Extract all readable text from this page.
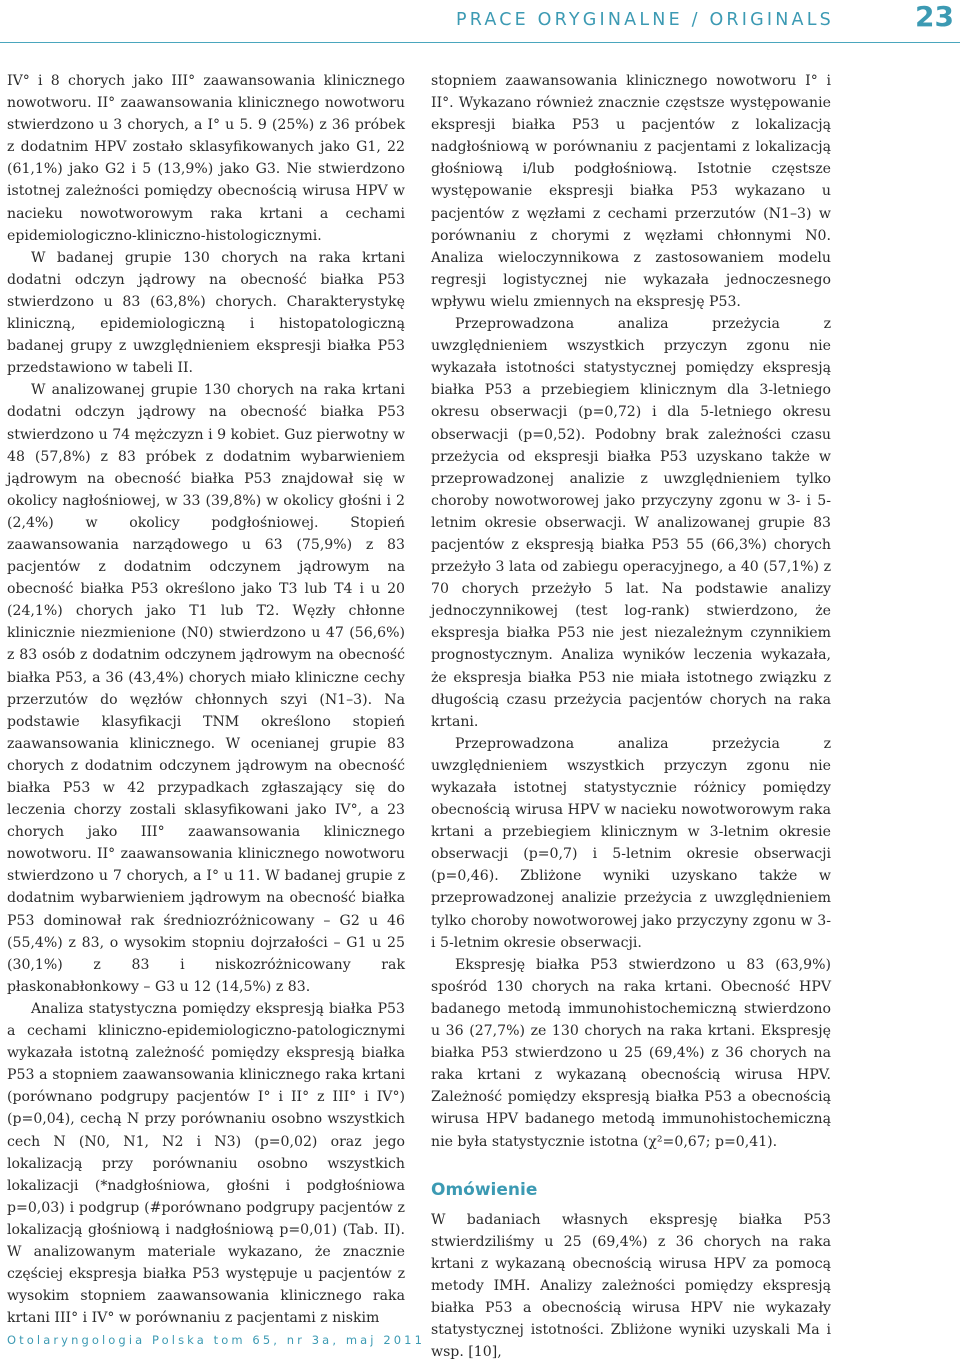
PRACE ORYGINALNE / ORIGINALS	23

IV° i 8 chorych jako III° zaawansowania klinicznego nowotworu. II° zaawansowania klinicznego nowotworu stwierdzono u 3 chorych, a I° u 5. 9 (25%) z 36 próbek z dodatnim HPV zostało sklasyfikowanych jako G1, 22 (61,1%) jako G2 i 5 (13,9%) jako G3. Nie stwierdzono istotnej zależności pomiędzy obecnością wirusa HPV w nacieku nowotworowym raka krtani a cechami epidemiologiczno-kliniczno-histologicznymi.

W badanej grupie 130 chorych na raka krtani dodatni odczyn jądrowy na obecność białka P53 stwierdzono u 83 (63,8%) chorych. Charakterystykę kliniczną, epidemiologiczną i histopatologiczną badanej grupy z uwzględnieniem ekspresji białka P53 przedstawiono w tabeli II.

W analizowanej grupie 130 chorych na raka krtani dodatni odczyn jądrowy na obecność białka P53 stwierdzono u 74 mężczyzn i 9 kobiet. Guz pierwotny w 48 (57,8%) z 83 próbek z dodatnim wybarwieniem jądrowym na obecność białka P53 znajdował się w okolicy nagłośniowej, w 33 (39,8%) w okolicy głośni i 2 (2,4%) w okolicy podgłośniowej. Stopień zaawansowania narządowego u 63 (75,9%) z 83 pacjentów z dodatnim odczynem jądrowym na obecność białka P53 określono jako T3 lub T4 i u 20 (24,1%) chorych jako T1 lub T2. Węzły chłonne klinicznie niezmienione (N0) stwierdzono u 47 (56,6%) z 83 osób z dodatnim odczynem jądrowym na obecność białka P53, a 36 (43,4%) chorych miało kliniczne cechy przerzutów do węzłów chłonnych szyi (N1–3). Na podstawie klasyfikacji TNM określono stopień zaawansowania klinicznego. W ocenianej grupie 83 chorych z dodatnim odczynem jądrowym na obecność białka P53 w 42 przypadkach zgłaszający się do leczenia chorzy zostali sklasyfikowani jako IV°, a 23 chorych jako III° zaawansowania klinicznego nowotworu. II° zaawansowania klinicznego nowotworu stwierdzono u 7 chorych, a I° u 11. W badanej grupie z dodatnim wybarwieniem jądrowym na obecność białka P53 dominował rak średniozróżnicowany – G2 u 46 (55,4%) z 83, o wysokim stopniu dojrzałości – G1 u 25 (30,1%) z 83 i niskozróżnicowany rak płaskonabłonkowy – G3 u 12 (14,5%) z 83.

Analiza statystyczna pomiędzy ekspresją białka P53 a cechami kliniczno-epidemiologiczno-patologicznymi wykazała istotną zależność pomiędzy ekspresją białka P53 a stopniem zaawansowania klinicznego raka krtani (porównano podgrupy pacjentów I° i II° z III° i IV°) (p=0,04), cechą N przy porównaniu osobno wszystkich cech N (N0, N1, N2 i N3) (p=0,02) oraz jego lokalizacją przy porównaniu osobno wszystkich lokalizacji (*nadgłośniowa, głośni i podgłośniowa p=0,03) i podgrup (#porównano podgrupy pacjentów z lokalizacją głośniową i nadgłośniową p=0,01) (Tab. II). W analizowanym materiale wykazano, że znacznie częściej ekspresja białka P53 występuje u pacjentów z wysokim stopniem zaawansowania klinicznego raka krtani III° i IV° w porównaniu z pacjentami z niskim

stopniem zaawansowania klinicznego nowotworu I° i II°. Wykazano również znacznie częstsze występowanie ekspresji białka P53 u pacjentów z lokalizacją nadgłośniową w porównaniu z pacjentami z lokalizacją głośniową i/lub podgłośniową. Istotnie częstsze występowanie ekspresji białka P53 wykazano u pacjentów z węzłami z cechami przerzutów (N1–3) w porównaniu z chorymi z węzłami chłonnymi N0. Analiza wieloczynnikowa z zastosowaniem modelu regresji logistycznej nie wykazała jednoczesnego wpływu wielu zmiennych na ekspresję P53.

Przeprowadzona analiza przeżycia z uwzględnieniem wszystkich przyczyn zgonu nie wykazała istotności statystycznej pomiędzy ekspresją białka P53 a przebiegiem klinicznym dla 3-letniego okresu obserwacji (p=0,72) i dla 5-letniego okresu obserwacji (p=0,52). Podobny brak zależności czasu przeżycia od ekspresji białka P53 uzyskano także w przeprowadzonej analizie z uwzględnieniem tylko choroby nowotworowej jako przyczyny zgonu w 3- i 5-letnim okresie obserwacji. W analizowanej grupie 83 pacjentów z ekspresją białka P53 55 (66,3%) chorych przeżyło 3 lata od zabiegu operacyjnego, a 40 (57,1%) z 70 chorych przeżyło 5 lat. Na podstawie analizy jednoczynnikowej (test log-rank) stwierdzono, że ekspresja białka P53 nie jest niezależnym czynnikiem prognostycznym. Analiza wyników leczenia wykazała, że ekspresja białka P53 nie miała istotnego związku z długością czasu przeżycia pacjentów chorych na raka krtani.

Przeprowadzona analiza przeżycia z uwzględnieniem wszystkich przyczyn zgonu nie wykazała istotnej statystycznie różnicy pomiędzy obecnością wirusa HPV w nacieku nowotworowym raka krtani a przebiegiem klinicznym w 3-letnim okresie obserwacji (p=0,7) i 5-letnim okresie obserwacji (p=0,46). Zbliżone wyniki uzyskano także w przeprowadzonej analizie przeżycia z uwzględnieniem tylko choroby nowotworowej jako przyczyny zgonu w 3- i 5-letnim okresie obserwacji.

Ekspresję białka P53 stwierdzono u 83 (63,9%) spośród 130 chorych na raka krtani. Obecność HPV badanego metodą immunohistochemiczną stwierdzono u 36 (27,7%) ze 130 chorych na raka krtani. Ekspresję białka P53 stwierdzono u 25 (69,4%) z 36 chorych na raka krtani z wykazaną obecnością wirusa HPV. Zależność pomiędzy ekspresją białka P53 a obecnością wirusa HPV badanego metodą immunohistochemiczną nie była statystycznie istotna (χ²=0,67; p=0,41).

Omówienie

W badaniach własnych ekspresję białka P53 stwierdziliśmy u 25 (69,4%) z 36 chorych na raka krtani z wykazaną obecnością wirusa HPV za pomocą metody IMH. Analizy zależności pomiędzy ekspresją białka P53 a obecnością wirusa HPV nie wykazały statystycznej istotności. Zbliżone wyniki uzyskali Ma i wsp. [10],

Otolaryngologia Polska tom 65, nr 3a, maj 2011
